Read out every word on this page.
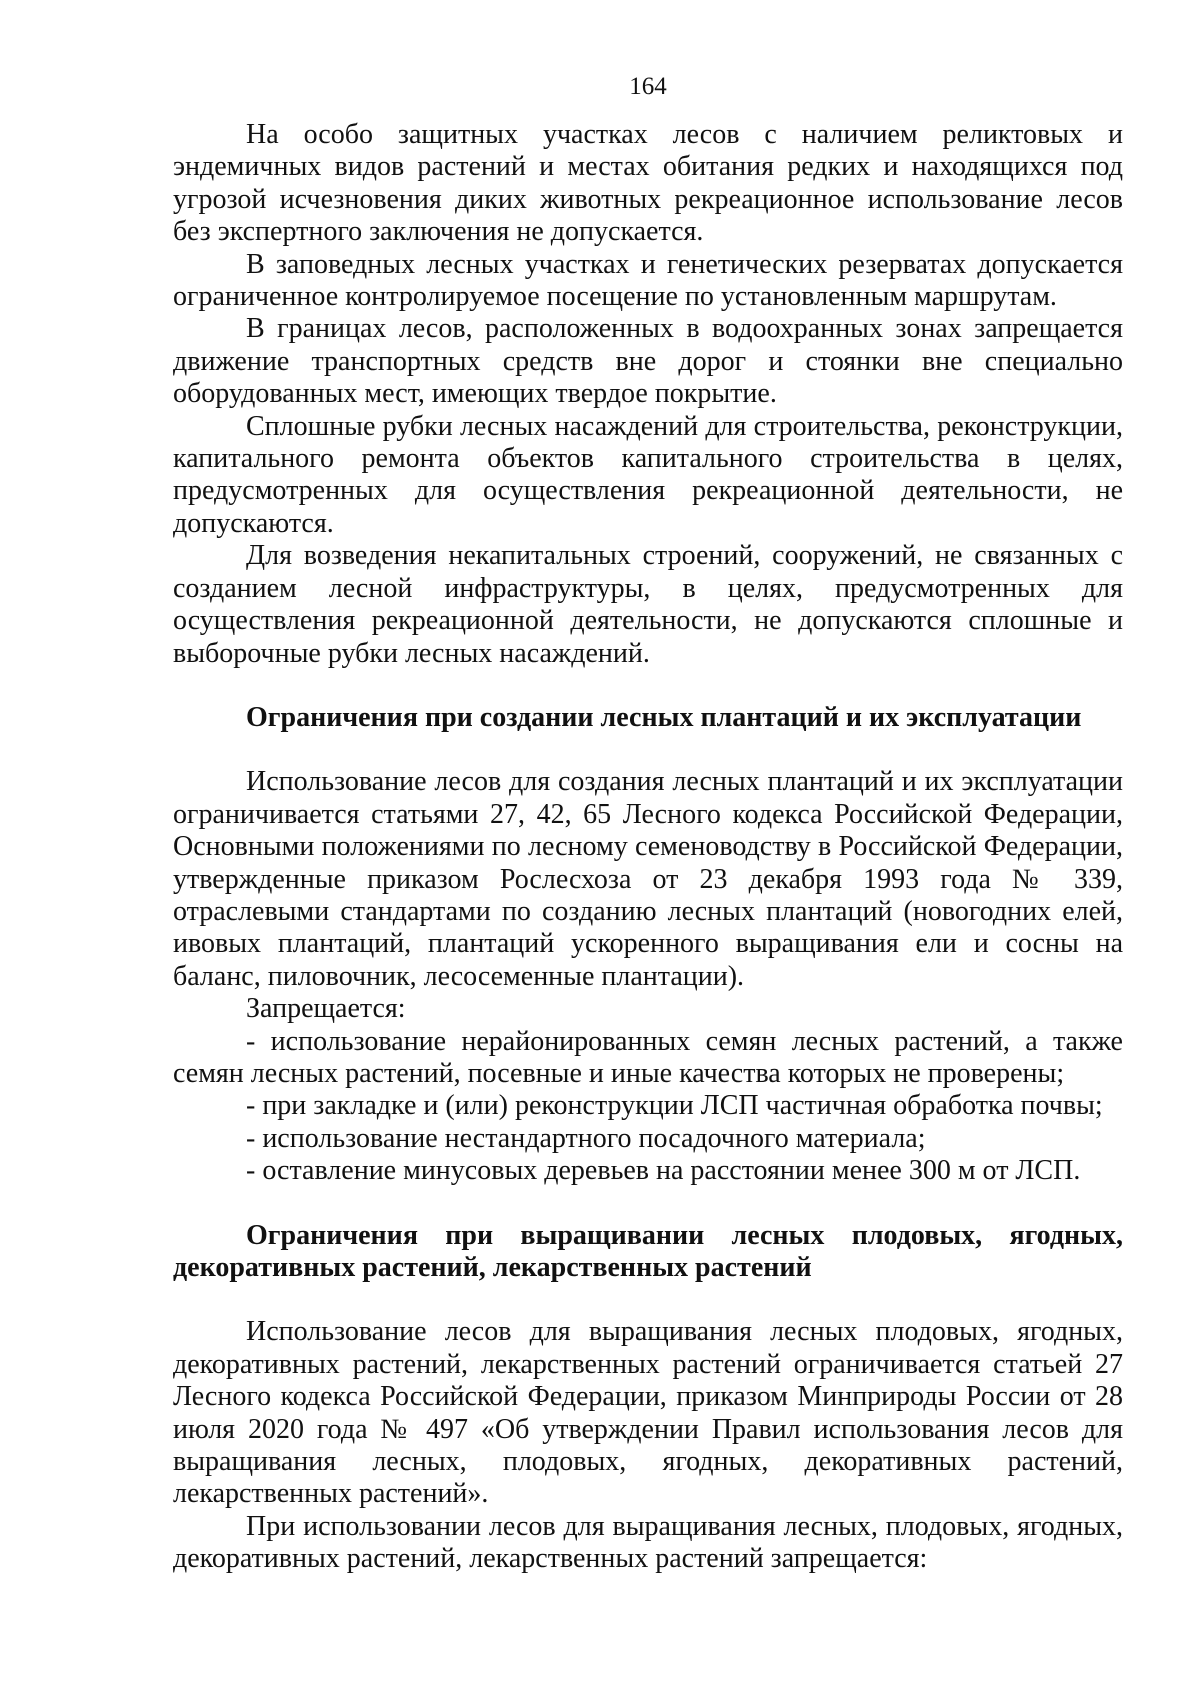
164

На особо защитных участках лесов с наличием реликтовых и эндемичных видов растений и местах обитания редких и находящихся под угрозой исчезновения диких животных рекреационное использование лесов без экспертного заключения не допускается.

В заповедных лесных участках и генетических резерватах допускается ограниченное контролируемое посещение по установленным маршрутам.

В границах лесов, расположенных в водоохранных зонах запрещается движение транспортных средств вне дорог и стоянки вне специально оборудованных мест, имеющих твердое покрытие.

Сплошные рубки лесных насаждений для строительства, реконструкции, капитального ремонта объектов капитального строительства в целях, предусмотренных для осуществления рекреационной деятельности, не допускаются.

Для возведения некапитальных строений, сооружений, не связанных с созданием лесной инфраструктуры, в целях, предусмотренных для осуществления рекреационной деятельности, не допускаются сплошные и выборочные рубки лесных насаждений.

Ограничения при создании лесных плантаций и их эксплуатации

Использование лесов для создания лесных плантаций и их эксплуатации ограничивается статьями 27, 42, 65 Лесного кодекса Российской Федерации, Основными положениями по лесному семеноводству в Российской Федерации, утвержденные приказом Рослесхоза от 23 декабря 1993 года № 339, отраслевыми стандартами по созданию лесных плантаций (новогодних елей, ивовых плантаций, плантаций ускоренного выращивания ели и сосны на баланс, пиловочник, лесосеменные плантации).

Запрещается:

- использование нерайонированных семян лесных растений, а также семян лесных растений, посевные и иные качества которых не проверены;

- при закладке и (или) реконструкции ЛСП частичная обработка почвы;

- использование нестандартного посадочного материала;

- оставление минусовых деревьев на расстоянии менее 300 м от ЛСП.

Ограничения при выращивании лесных плодовых, ягодных, декоративных растений, лекарственных растений

Использование лесов для выращивания лесных плодовых, ягодных, декоративных растений, лекарственных растений ограничивается статьей 27 Лесного кодекса Российской Федерации, приказом Минприроды России от 28 июля 2020 года № 497 «Об утверждении Правил использования лесов для выращивания лесных, плодовых, ягодных, декоративных растений, лекарственных растений».

При использовании лесов для выращивания лесных, плодовых, ягодных, декоративных растений, лекарственных растений запрещается:
